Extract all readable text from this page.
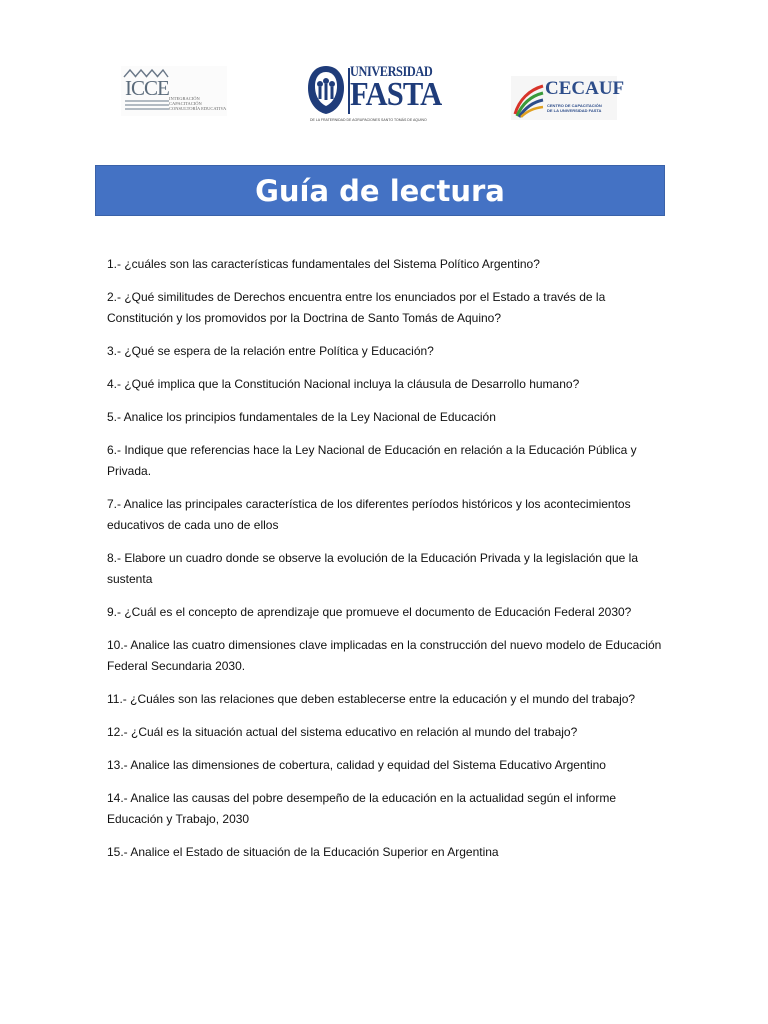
ICCE INTEGRACIÓN
CAPACITACIÓN
CONSULTORÍA EDUCATIVA
UNIVERSIDAD
FASTA
DE LA FRATERNIDAD DE AGRUPACIONES SANTO TOMÁS DE AQUINO
CECAUF
CENTRO DE CAPACITACIÓN
DE LA UNIVERSIDAD FASTA
Guía de lectura

1.- ¿cuáles son las características fundamentales del Sistema Político Argentino?

2.- ¿Qué similitudes de Derechos encuentra entre los enunciados por el Estado a través de la Constitución y los promovidos por la Doctrina de Santo Tomás de Aquino?

3.- ¿Qué se espera de la relación entre Política y Educación?

4.- ¿Qué implica que la Constitución Nacional incluya la cláusula de Desarrollo humano?

5.- Analice los principios fundamentales de la Ley Nacional de Educación

6.- Indique que referencias hace la Ley Nacional de Educación en relación a la Educación Pública y Privada.

7.- Analice las principales característica de los diferentes períodos históricos y los acontecimientos educativos de cada uno de ellos

8.- Elabore un cuadro donde se observe la evolución de la Educación Privada y la legislación que la sustenta

9.- ¿Cuál es el concepto de aprendizaje que promueve el documento de Educación Federal 2030?

10.- Analice las cuatro dimensiones clave implicadas en la construcción del nuevo modelo de Educación Federal Secundaria 2030.

11.- ¿Cuáles son las relaciones que deben establecerse entre la educación y el mundo del trabajo?

12.- ¿Cuál es la situación actual del sistema educativo en relación al mundo del trabajo?

13.- Analice las dimensiones de cobertura, calidad y equidad del Sistema Educativo Argentino

14.- Analice las causas del pobre desempeño de la educación en la actualidad según el informe Educación y Trabajo, 2030

15.- Analice el Estado de situación de la Educación Superior en Argentina
